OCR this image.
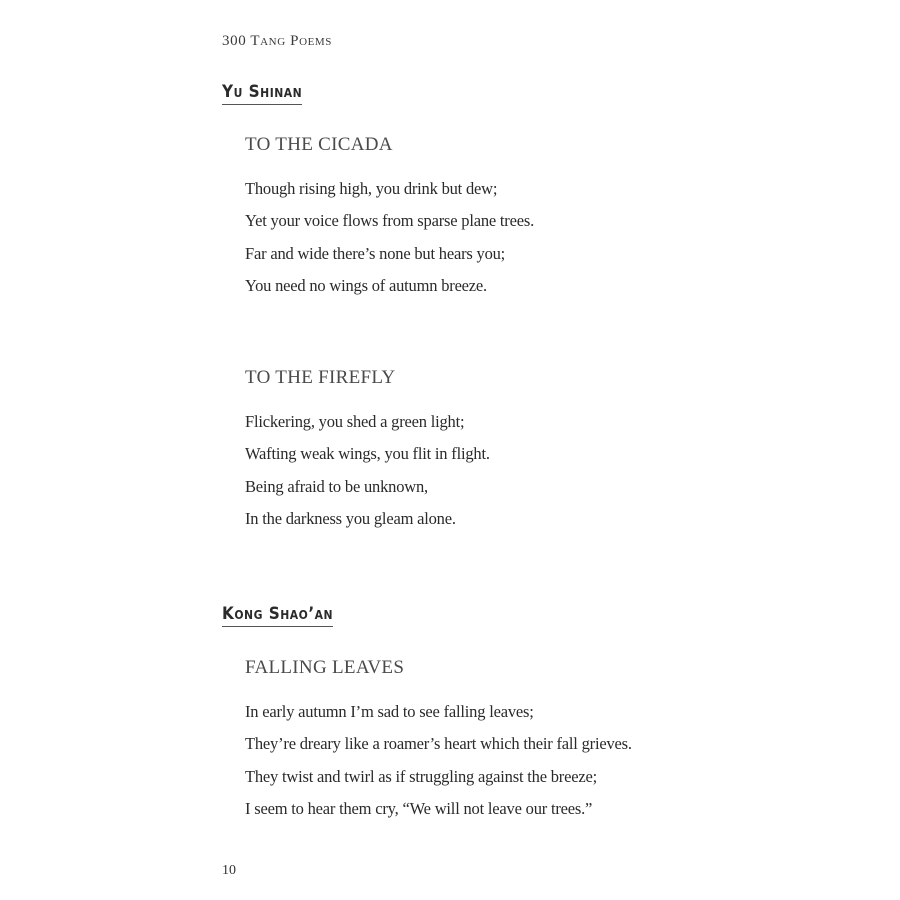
300 Tang Poems
Yu Shinan
TO THE CICADA
Though rising high, you drink but dew;
Yet your voice flows from sparse plane trees.
Far and wide there’s none but hears you;
You need no wings of autumn breeze.
TO THE FIREFLY
Flickering, you shed a green light;
Wafting weak wings, you flit in flight.
Being afraid to be unknown,
In the darkness you gleam alone.
Kong Shao’an
FALLING LEAVES
In early autumn I’m sad to see falling leaves;
They’re dreary like a roamer’s heart which their fall grieves.
They twist and twirl as if struggling against the breeze;
I seem to hear them cry, “We will not leave our trees.”
10
